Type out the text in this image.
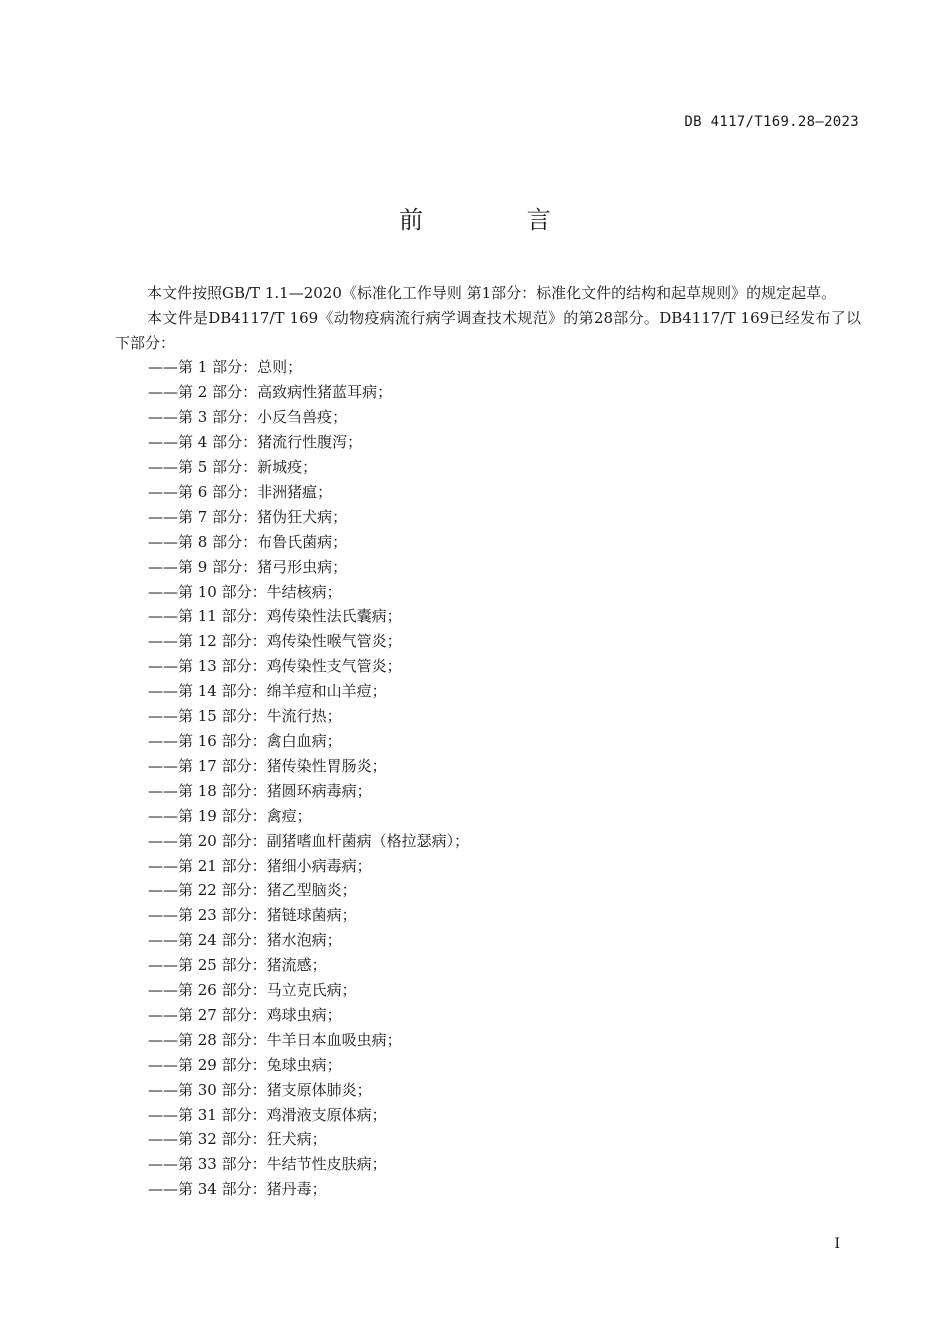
DB 4117/T169.28—2023
前 言

本文件按照GB/T 1.1—2020《标准化工作导则 第1部分：标准化文件的结构和起草规则》的规定起草。

本文件是DB4117/T 169《动物疫病流行病学调查技术规范》的第28部分。DB4117/T 169已经发布了以下部分：

——第 1 部分：总则；
——第 2 部分：高致病性猪蓝耳病；
——第 3 部分：小反刍兽疫；
——第 4 部分：猪流行性腹泻；
——第 5 部分：新城疫；
——第 6 部分：非洲猪瘟；
——第 7 部分：猪伪狂犬病；
——第 8 部分：布鲁氏菌病；
——第 9 部分：猪弓形虫病；
——第 10 部分：牛结核病；
——第 11 部分：鸡传染性法氏囊病；
——第 12 部分：鸡传染性喉气管炎；
——第 13 部分：鸡传染性支气管炎；
——第 14 部分：绵羊痘和山羊痘；
——第 15 部分：牛流行热；
——第 16 部分：禽白血病；
——第 17 部分：猪传染性胃肠炎；
——第 18 部分：猪圆环病毒病；
——第 19 部分：禽痘；
——第 20 部分：副猪嗜血杆菌病（格拉瑟病）；
——第 21 部分：猪细小病毒病；
——第 22 部分：猪乙型脑炎；
——第 23 部分：猪链球菌病；
——第 24 部分：猪水泡病；
——第 25 部分：猪流感；
——第 26 部分：马立克氏病；
——第 27 部分：鸡球虫病；
——第 28 部分：牛羊日本血吸虫病；
——第 29 部分：兔球虫病；
——第 30 部分：猪支原体肺炎；
——第 31 部分：鸡滑液支原体病；
——第 32 部分：狂犬病；
——第 33 部分：牛结节性皮肤病；
——第 34 部分：猪丹毒；
I
